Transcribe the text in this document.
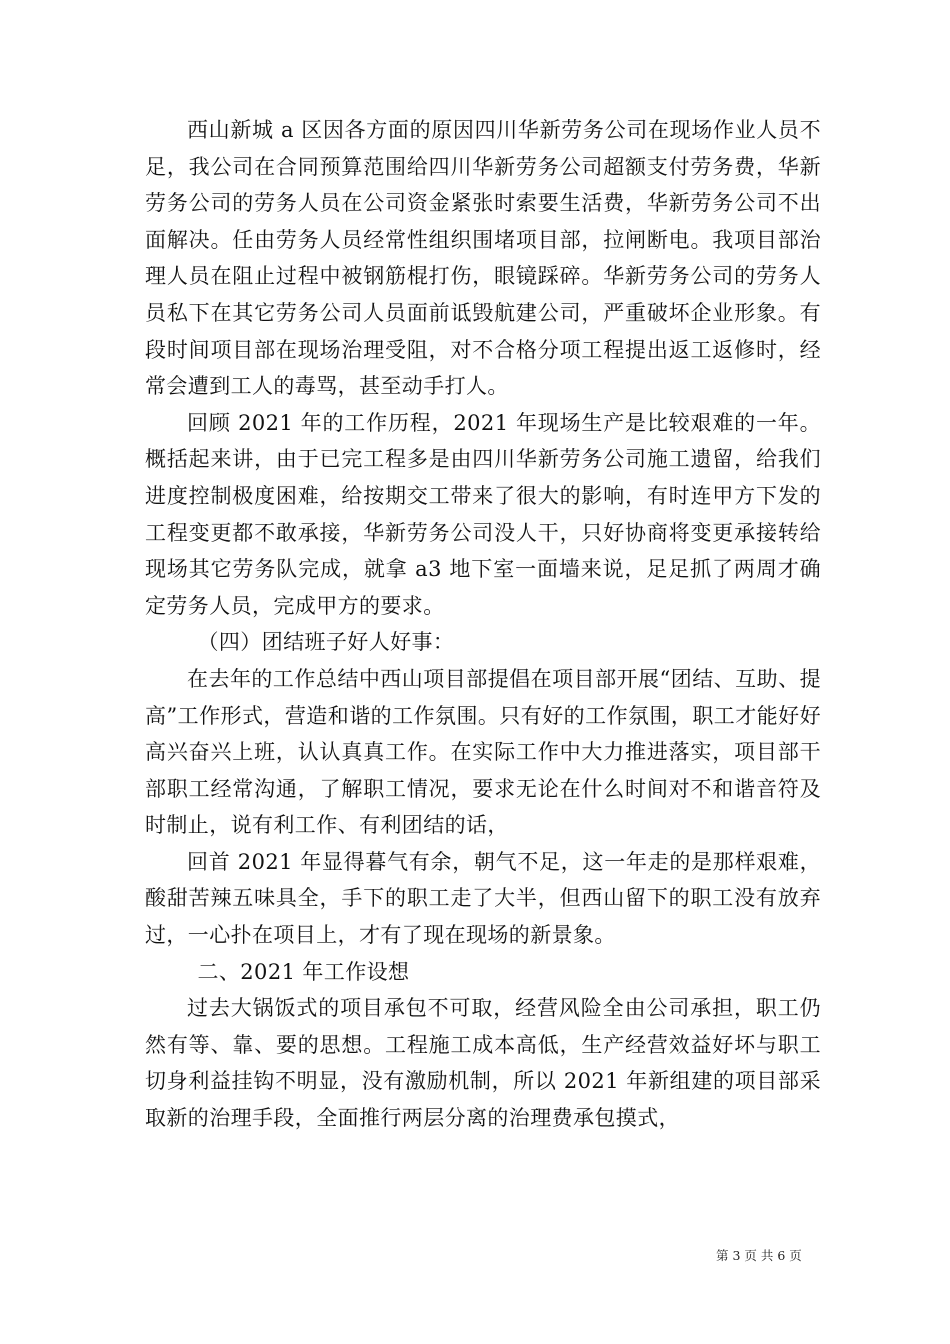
西山新城 a 区因各方面的原因四川华新劳务公司在现场作业人员不足，我公司在合同预算范围给四川华新劳务公司超额支付劳务费，华新劳务公司的劳务人员在公司资金紧张时索要生活费，华新劳务公司不出面解决。任由劳务人员经常性组织围堵项目部，拉闸断电。我项目部治理人员在阻止过程中被钢筋棍打伤，眼镜踩碎。华新劳务公司的劳务人员私下在其它劳务公司人员面前诋毁航建公司，严重破坏企业形象。有段时间项目部在现场治理受阻，对不合格分项工程提出返工返修时，经常会遭到工人的毒骂，甚至动手打人。

回顾 2021 年的工作历程，2021 年现场生产是比较艰难的一年。概括起来讲，由于已完工程多是由四川华新劳务公司施工遗留，给我们进度控制极度困难，给按期交工带来了很大的影响，有时连甲方下发的工程变更都不敢承接，华新劳务公司没人干，只好协商将变更承接转给现场其它劳务队完成，就拿 a3 地下室一面墙来说，足足抓了两周才确定劳务人员，完成甲方的要求。

（四）团结班子好人好事：

在去年的工作总结中西山项目部提倡在项目部开展“团结、互助、提高”工作形式，营造和谐的工作氛围。只有好的工作氛围，职工才能好好高兴奋兴上班，认认真真工作。在实际工作中大力推进落实，项目部干部职工经常沟通，了解职工情况，要求无论在什么时间对不和谐音符及时制止，说有利工作、有利团结的话，

回首 2021 年显得暮气有余，朝气不足，这一年走的是那样艰难，酸甜苦辣五味具全，手下的职工走了大半，但西山留下的职工没有放弃过，一心扑在项目上，才有了现在现场的新景象。

二、2021 年工作设想

过去大锅饭式的项目承包不可取，经营风险全由公司承担，职工仍然有等、靠、要的思想。工程施工成本高低，生产经营效益好坏与职工切身利益挂钩不明显，没有激励机制，所以 2021 年新组建的项目部采取新的治理手段，全面推行两层分离的治理费承包摸式，

第 3 页 共 6 页
